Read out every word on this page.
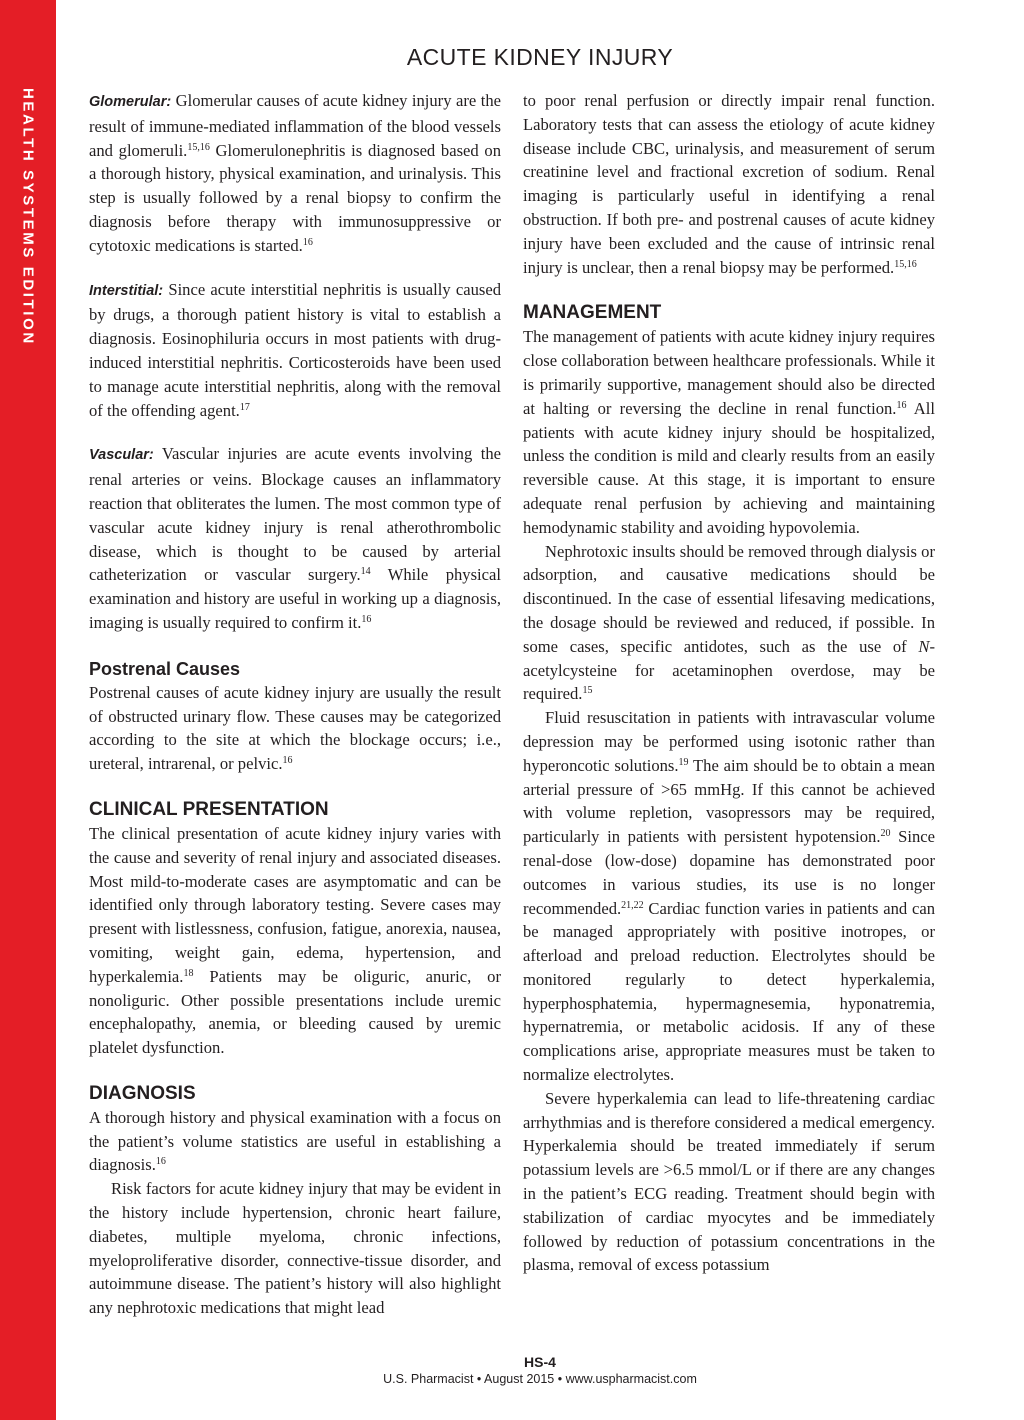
HEALTH SYSTEMS EDITION
ACUTE KIDNEY INJURY

Glomerular: Glomerular causes of acute kidney injury are the result of immune-mediated inflammation of the blood vessels and glomeruli.$^{15,16}$ Glomerulonephritis is diagnosed based on a thorough history, physical examination, and urinalysis. This step is usually followed by a renal biopsy to confirm the diagnosis before therapy with immunosuppressive or cytotoxic medications is started.$^{16}$

Interstitial: Since acute interstitial nephritis is usually caused by drugs, a thorough patient history is vital to establish a diagnosis. Eosinophiluria occurs in most patients with drug-induced interstitial nephritis. Corticosteroids have been used to manage acute interstitial nephritis, along with the removal of the offending agent.$^{17}$

Vascular: Vascular injuries are acute events involving the renal arteries or veins. Blockage causes an inflammatory reaction that obliterates the lumen. The most common type of vascular acute kidney injury is renal atherothrombolic disease, which is thought to be caused by arterial catheterization or vascular surgery.$^{14}$ While physical examination and history are useful in working up a diagnosis, imaging is usually required to confirm it.$^{16}$

Postrenal Causes

Postrenal causes of acute kidney injury are usually the result of obstructed urinary flow. These causes may be categorized according to the site at which the blockage occurs; i.e., ureteral, intrarenal, or pelvic.$^{16}$

CLINICAL PRESENTATION

The clinical presentation of acute kidney injury varies with the cause and severity of renal injury and associated diseases. Most mild-to-moderate cases are asymptomatic and can be identified only through laboratory testing. Severe cases may present with listlessness, confusion, fatigue, anorexia, nausea, vomiting, weight gain, edema, hypertension, and hyperkalemia.$^{18}$ Patients may be oliguric, anuric, or nonoliguric. Other possible presentations include uremic encephalopathy, anemia, or bleeding caused by uremic platelet dysfunction.

DIAGNOSIS

A thorough history and physical examination with a focus on the patient’s volume statistics are useful in establishing a diagnosis.$^{16}$

Risk factors for acute kidney injury that may be evident in the history include hypertension, chronic heart failure, diabetes, multiple myeloma, chronic infections, myeloproliferative disorder, connective-tissue disorder, and autoimmune disease. The patient’s history will also highlight any nephrotoxic medications that might lead

to poor renal perfusion or directly impair renal function. Laboratory tests that can assess the etiology of acute kidney disease include CBC, urinalysis, and measurement of serum creatinine level and fractional excretion of sodium. Renal imaging is particularly useful in identifying a renal obstruction. If both pre- and postrenal causes of acute kidney injury have been excluded and the cause of intrinsic renal injury is unclear, then a renal biopsy may be performed.$^{15,16}$

MANAGEMENT

The management of patients with acute kidney injury requires close collaboration between healthcare professionals. While it is primarily supportive, management should also be directed at halting or reversing the decline in renal function.$^{16}$ All patients with acute kidney injury should be hospitalized, unless the condition is mild and clearly results from an easily reversible cause. At this stage, it is important to ensure adequate renal perfusion by achieving and maintaining hemodynamic stability and avoiding hypovolemia.

Nephrotoxic insults should be removed through dialysis or adsorption, and causative medications should be discontinued. In the case of essential lifesaving medications, the dosage should be reviewed and reduced, if possible. In some cases, specific antidotes, such as the use of N-acetylcysteine for acetaminophen overdose, may be required.$^{15}$

Fluid resuscitation in patients with intravascular volume depression may be performed using isotonic rather than hyperoncotic solutions.$^{19}$ The aim should be to obtain a mean arterial pressure of >65 mmHg. If this cannot be achieved with volume repletion, vasopressors may be required, particularly in patients with persistent hypotension.$^{20}$ Since renal-dose (low-dose) dopamine has demonstrated poor outcomes in various studies, its use is no longer recommended.$^{21,22}$ Cardiac function varies in patients and can be managed appropriately with positive inotropes, or afterload and preload reduction. Electrolytes should be monitored regularly to detect hyperkalemia, hyperphosphatemia, hypermagnesemia, hyponatremia, hypernatremia, or metabolic acidosis. If any of these complications arise, appropriate measures must be taken to normalize electrolytes.

Severe hyperkalemia can lead to life-threatening cardiac arrhythmias and is therefore considered a medical emergency. Hyperkalemia should be treated immediately if serum potassium levels are >6.5 mmol/L or if there are any changes in the patient’s ECG reading. Treatment should begin with stabilization of cardiac myocytes and be immediately followed by reduction of potassium concentrations in the plasma, removal of excess potassium

HS-4
U.S. Pharmacist • August 2015 • www.uspharmacist.com
